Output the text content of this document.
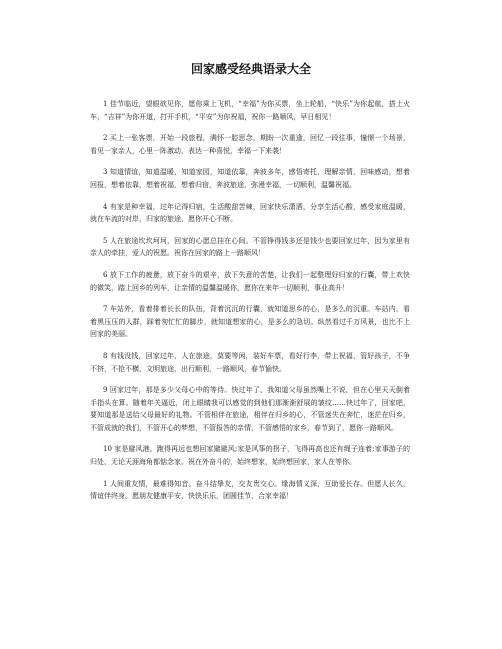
回家感受经典语录大全

1 佳节临近，望眼欲见你，愿你乘上飞机，“幸福”为你买票，坐上轮船，“快乐”为你起航，搭上火车，“吉祥”为你开道，打开手机，“平安”为你祝福，祝你一路顺风，早日相见！

2 买上一张客票，开始一段旅程，满怀一腔思念，期盼一次重逢，回忆一段往事，憧憬一个场景，看见一家亲人，心里一阵激动，表达一种喜悦，幸福一下来袭！

3 知道情谊，知道温暖，知道家园，知道依靠，奔波多年，感悟寄托，理解亲情，回味感动，想着回报，想着依靠，想着祝福，想着归宿，奔波旅途，弥漫幸福，一切顺利，温馨祝福。

4 有家是种幸福，过年记得归宿，生活酸甜苦辣，回家快乐潇洒，分享生活心酸，感受家庭温暖，就在车流的对岸，归家的旅途，愿你开心不断。

5 人在旅途坎坎坷坷，回家的心愿总挂在心间。不管挣得钱多还是钱少也要回家过年，因为家里有亲人的牵挂，爱人的祝愿。祝你在回家的路上一路顺风！

6 放下工作的疲惫，放下奋斗的艰辛，放下失意的苦楚，让我们一起整理好归家的行囊，带上欢快的微笑，踏上回乡的列车，让亲情的温馨温暖你，愿你在来年一切顺利，事业高升！

7 车站外，看着排着长长的队伍，背着沉沉的行囊，就知道思乡的心，是多么的沉重。车站内，看着黑压压的人群，踩着匆忙忙的脚步，就知道想家的心，是多么的急切。纵然看过千万风景，也比不上回家的美丽。

8 有钱没钱，回家过年，人在旅途，莫要等闲，装好车票，看好行李，带上祝福，管好孩子，不争不挤，不抢不横，文明旅途，出行顺利，一路顺风，春节愉快。

9 回家过年，那是多少父母心中的等待。快过年了，我知道父母虽然嘴上不说，但在心里天天倒着手指头在算。随着年关逼近，闭上眼睛我可以感觉的到他们那渐渐舒展的皱纹……快过年了，回家吧，要知道那是送给父母最好的礼物。不管相伴在旅途，相伴在归乡的心，不管迷失在奔忙，迷茫在归乡，不管成就的我们，不管开心的梦想，不管报答的亲情，不管感悟的家乡，春节到了，愿你一路顺风。

10 家是避风港，跑得再远也想回家避避风;家是风筝的拐子，飞得再高也还有绳子连着;家事游子的归处，无论天涯海角都惦念家。祝在外奋斗的，始终想家，始终想回家，家人在等你。

1 人间重友情，最难得知音。奋斗结挚友，交友贵交心。缘海情义深，互助爱长存。但愿人长久，情谊伴终身。愿朋友健康平安，快快乐乐，团圆佳节，合家幸福！
